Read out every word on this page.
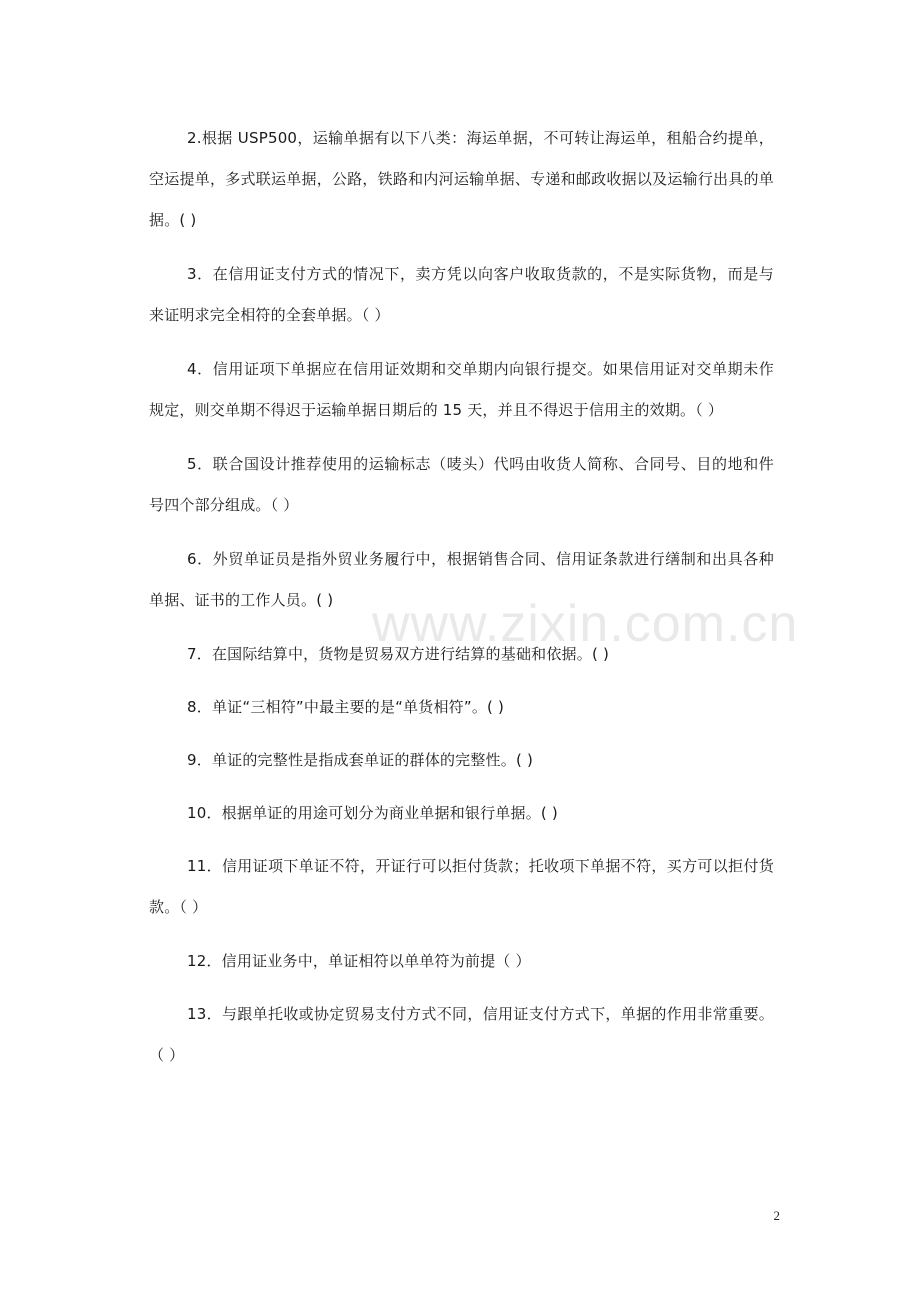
2.根据 USP500，运输单据有以下八类：海运单据，不可转让海运单，租船合约提单，空运提单，多式联运单据，公路，铁路和内河运输单据、专递和邮政收据以及运输行出具的单据。( )

3．在信用证支付方式的情况下，卖方凭以向客户收取货款的，不是实际货物，而是与来证明求完全相符的全套单据。（ ）

4．信用证项下单据应在信用证效期和交单期内向银行提交。如果信用证对交单期未作规定，则交单期不得迟于运输单据日期后的 15 天，并且不得迟于信用主的效期。（ ）

5．联合国设计推荐使用的运输标志（唛头）代吗由收货人简称、合同号、目的地和件号四个部分组成。（ ）

6．外贸单证员是指外贸业务履行中，根据销售合同、信用证条款进行缮制和出具各种单据、证书的工作人员。( )

7．在国际结算中，货物是贸易双方进行结算的基础和依据。( )

8．单证“三相符”中最主要的是“单货相符”。( )

9．单证的完整性是指成套单证的群体的完整性。( )

10．根据单证的用途可划分为商业单据和银行单据。( )

11．信用证项下单证不符，开证行可以拒付货款；托收项下单据不符，买方可以拒付货款。（ ）

12．信用证业务中，单证相符以单单符为前提（ ）

13．与跟单托收或协定贸易支付方式不同，信用证支付方式下，单据的作用非常重要。（ ）

www.zixin.com.cn
2
